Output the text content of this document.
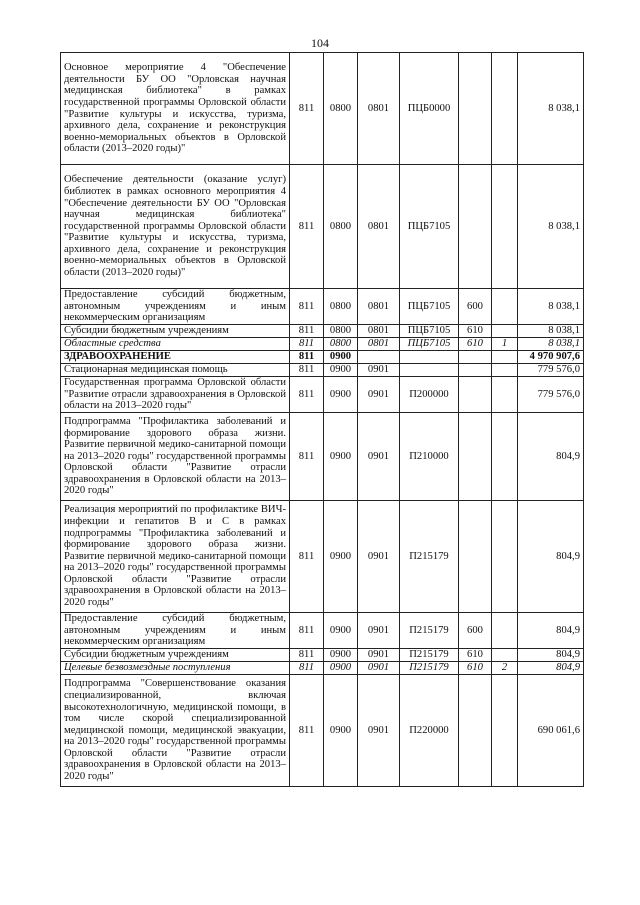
104
Основное мероприятие 4 "Обеспечение деятельности БУ ОО "Орловская научная медицинская библиотека" в рамках государственной программы Орловской области "Развитие культуры и искусства, туризма, архивного дела, сохранение и реконструкция военно-мемориальных объектов в Орловской области (2013–2020 годы)"	811	0800	0801	ПЦБ0000			8 038,1
Обеспечение деятельности (оказание услуг) библиотек в рамках основного мероприятия 4 "Обеспечение деятельности БУ ОО "Орловская научная медицинская библиотека" государственной программы Орловской области "Развитие культуры и искусства, туризма, архивного дела, сохранение и реконструкция военно-мемориальных объектов в Орловской области (2013–2020 годы)"	811	0800	0801	ПЦБ7105			8 038,1
Предоставление субсидий бюджетным, автономным учреждениям и иным некоммерческим организациям	811	0800	0801	ПЦБ7105	600		8 038,1
Субсидии бюджетным учреждениям	811	0800	0801	ПЦБ7105	610		8 038,1
Областные средства	811	0800	0801	ПЦБ7105	610	1	8 038,1
ЗДРАВООХРАНЕНИЕ	811	0900					4 970 907,6
Стационарная медицинская помощь	811	0900	0901				779 576,0
Государственная программа Орловской области "Развитие отрасли здравоохранения в Орловской области на 2013–2020 годы"	811	0900	0901	П200000			779 576,0
Подпрограмма "Профилактика заболеваний и формирование здорового образа жизни. Развитие первичной медико-санитарной помощи на 2013–2020 годы" государственной программы Орловской области "Развитие отрасли здравоохранения в Орловской области на 2013–2020 годы"	811	0900	0901	П210000			804,9
Реализация мероприятий по профилактике ВИЧ-инфекции и гепатитов В и С в рамках подпрограммы "Профилактика заболеваний и формирование здорового образа жизни. Развитие первичной медико-санитарной помощи на 2013–2020 годы" государственной программы Орловской области "Развитие отрасли здравоохранения в Орловской области на 2013–2020 годы"	811	0900	0901	П215179			804,9
Предоставление субсидий бюджетным, автономным учреждениям и иным некоммерческим организациям	811	0900	0901	П215179	600		804,9
Субсидии бюджетным учреждениям	811	0900	0901	П215179	610		804,9
Целевые безвозмездные поступления	811	0900	0901	П215179	610	2	804,9
Подпрограмма "Совершенствование оказания специализированной, включая высокотехнологичную, медицинской помощи, в том числе скорой специализированной медицинской помощи, медицинской эвакуации, на 2013–2020 годы" государственной программы Орловской области "Развитие отрасли здравоохранения в Орловской области на 2013–2020 годы"	811	0900	0901	П220000			690 061,6
